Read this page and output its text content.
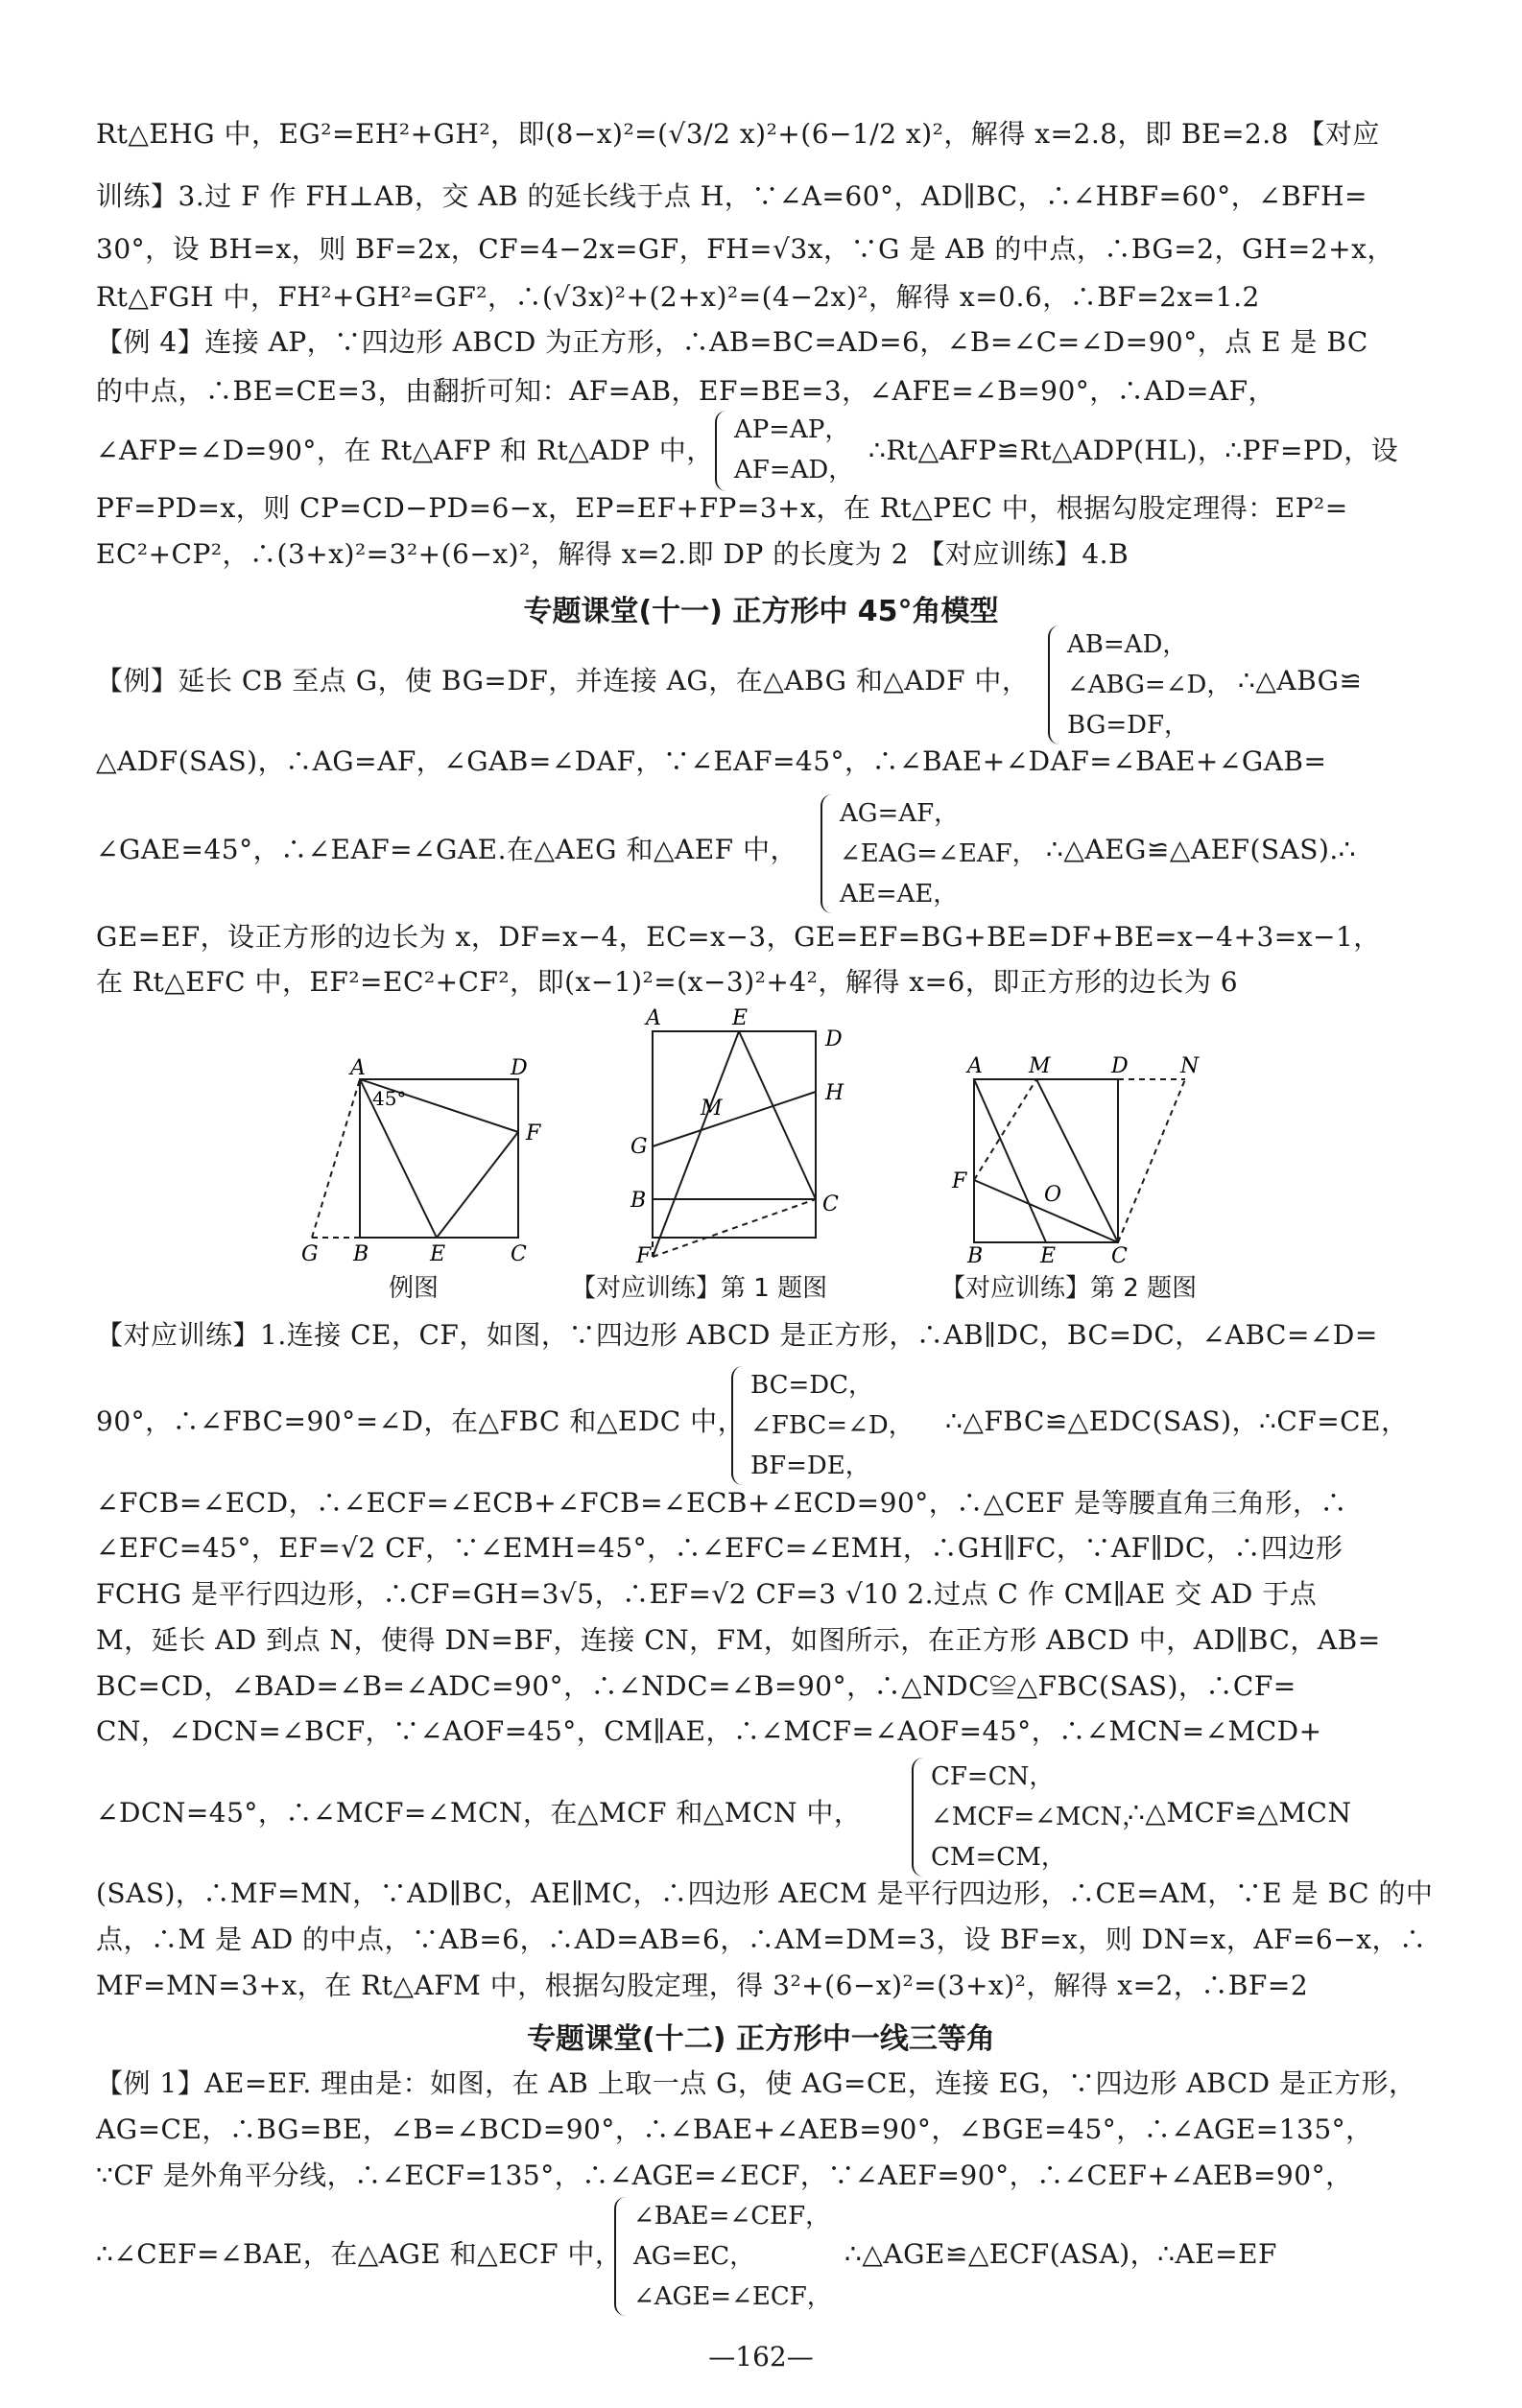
Rt△EHG 中，EG²=EH²+GH²，即(8−x)²=(√3/2 x)²+(6−1/2 x)²，解得 x=2.8，即 BE=2.8 【对应
训练】3.过 F 作 FH⊥AB，交 AB 的延长线于点 H，∵∠A=60°，AD∥BC，∴∠HBF=60°，∠BFH=
30°，设 BH=x，则 BF=2x，CF=4−2x=GF，FH=√3x，∵G 是 AB 的中点，∴BG=2，GH=2+x，
Rt△FGH 中，FH²+GH²=GF²，∴(√3x)²+(2+x)²=(4−2x)²，解得 x=0.6，∴BF=2x=1.2
【例 4】连接 AP，∵四边形 ABCD 为正方形，∴AB=BC=AD=6，∠B=∠C=∠D=90°，点 E 是 BC
的中点，∴BE=CE=3，由翻折可知：AF=AB，EF=BE=3，∠AFE=∠B=90°，∴AD=AF，
∠AFP=∠D=90°，在 Rt△AFP 和 Rt△ADP 中，
AP=AP，
AF=AD，
∴Rt△AFP≌Rt△ADP(HL)，∴PF=PD，设
PF=PD=x，则 CP=CD−PD=6−x，EP=EF+FP=3+x，在 Rt△PEC 中，根据勾股定理得：EP²=
EC²+CP²，∴(3+x)²=3²+(6−x)²，解得 x=2.即 DP 的长度为 2 【对应训练】4.B
专题课堂(十一) 正方形中 45°角模型
【例】延长 CB 至点 G，使 BG=DF，并连接 AG，在△ABG 和△ADF 中，
AB=AD，
∠ABG=∠D，
BG=DF，
∴△ABG≌
△ADF(SAS)，∴AG=AF，∠GAB=∠DAF，∵∠EAF=45°，∴∠BAE+∠DAF=∠BAE+∠GAB=
∠GAE=45°，∴∠EAF=∠GAE.在△AEG 和△AEF 中，
AG=AF，
∠EAG=∠EAF，
AE=AE，
∴△AEG≌△AEF(SAS).∴
GE=EF，设正方形的边长为 x，DF=x−4，EC=x−3，GE=EF=BG+BE=DF+BE=x−4+3=x−1，
在 Rt△EFC 中，EF²=EC²+CF²，即(x−1)²=(x−3)²+4²，解得 x=6，即正方形的边长为 6
A	D
F
G B	E	C
45°
例图
A	E
D
H
M
G
B	C
F
【对应训练】第 1 题图
A M	D N
F
O
B	E	C
【对应训练】第 2 题图
【对应训练】1.连接 CE，CF，如图，∵四边形 ABCD 是正方形，∴AB∥DC，BC=DC，∠ABC=∠D=
90°，∴∠FBC=90°=∠D，在△FBC 和△EDC 中，
BC=DC，
∠FBC=∠D，
BF=DE，
∴△FBC≌△EDC(SAS)，∴CF=CE，
∠FCB=∠ECD，∴∠ECF=∠ECB+∠FCB=∠ECB+∠ECD=90°，∴△CEF 是等腰直角三角形，∴
∠EFC=45°，EF=√2 CF，∵∠EMH=45°，∴∠EFC=∠EMH，∴GH∥FC，∵AF∥DC，∴四边形
FCHG 是平行四边形，∴CF=GH=3√5，∴EF=√2 CF=3 √10 2.过点 C 作 CM∥AE 交 AD 于点
M，延长 AD 到点 N，使得 DN=BF，连接 CN，FM，如图所示，在正方形 ABCD 中，AD∥BC，AB=
BC=CD，∠BAD=∠B=∠ADC=90°，∴∠NDC=∠B=90°，∴△NDC≌△FBC(SAS)，∴CF=
CN，∠DCN=∠BCF，∵∠AOF=45°，CM∥AE，∴∠MCF=∠AOF=45°，∴∠MCN=∠MCD+
∠DCN=45°，∴∠MCF=∠MCN，在△MCF 和△MCN 中，
CF=CN，
∠MCF=∠MCN，
CM=CM，
∴△MCF≌△MCN
(SAS)，∴MF=MN，∵AD∥BC，AE∥MC，∴四边形 AECM 是平行四边形，∴CE=AM，∵E 是 BC 的中
点，∴M 是 AD 的中点，∵AB=6，∴AD=AB=6，∴AM=DM=3，设 BF=x，则 DN=x，AF=6−x，∴
MF=MN=3+x，在 Rt△AFM 中，根据勾股定理，得 3²+(6−x)²=(3+x)²，解得 x=2，∴BF=2
专题课堂(十二) 正方形中一线三等角
【例 1】AE=EF. 理由是：如图，在 AB 上取一点 G，使 AG=CE，连接 EG，∵四边形 ABCD 是正方形，
AG=CE，∴BG=BE，∠B=∠BCD=90°，∴∠BAE+∠AEB=90°，∠BGE=45°，∴∠AGE=135°，
∵CF 是外角平分线，∴∠ECF=135°，∴∠AGE=∠ECF，∵∠AEF=90°，∴∠CEF+∠AEB=90°，
∴∠CEF=∠BAE，在△AGE 和△ECF 中，
∠BAE=∠CEF，
AG=EC，
∠AGE=∠ECF，
∴△AGE≌△ECF(ASA)，∴AE=EF
—162—
